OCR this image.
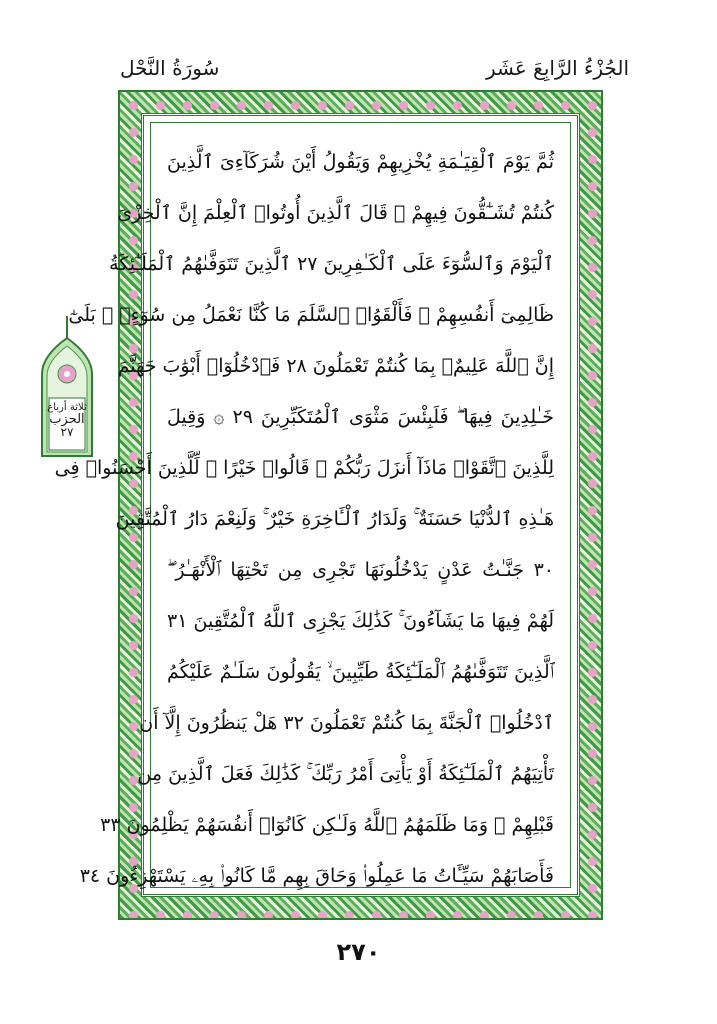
الجُزْءُ الرَّابِعَ عَشَر
سُورَةُ النَّحْل
ثلاثة أرباع
الحزب
٢٧
ثُمَّ يَوْمَ ٱلْقِيَـٰمَةِ يُخْزِيهِمْ وَيَقُولُ أَيْنَ شُرَكَآءِىَ ٱلَّذِينَ
كُنتُمْ تُشَـٰٓقُّونَ فِيهِمْ ۚ قَالَ ٱلَّذِينَ أُوتُوا۟ ٱلْعِلْمَ إِنَّ ٱلْخِزْىَ
ٱلْيَوْمَ وَٱلسُّوٓءَ عَلَى ٱلْكَـٰفِرِينَ ٢٧ ٱلَّذِينَ تَتَوَفَّىٰهُمُ ٱلْمَلَـٰٓئِكَةُ
ظَالِمِىٓ أَنفُسِهِمْ ۖ فَأَلْقَوُا۟ ٱلسَّلَمَ مَا كُنَّا نَعْمَلُ مِن سُوٓءٍۭ ۚ بَلَىٰٓ
إِنَّ ٱللَّهَ عَلِيمٌۢ بِمَا كُنتُمْ تَعْمَلُونَ ٢٨ فَٱدْخُلُوٓا۟ أَبْوَٰبَ جَهَنَّمَ
خَـٰلِدِينَ فِيهَا ۖ فَلَبِئْسَ مَثْوَى ٱلْمُتَكَبِّرِينَ ٢٩ ۞ وَقِيلَ
لِلَّذِينَ ٱتَّقَوْا۟ مَاذَآ أَنزَلَ رَبُّكُمْ ۚ قَالُوا۟ خَيْرًا ۗ لِّلَّذِينَ أَحْسَنُوا۟ فِى
هَـٰذِهِ ٱلدُّنْيَا حَسَنَةٌ ۚ وَلَدَارُ ٱلْـَٔاخِرَةِ خَيْرٌ ۚ وَلَنِعْمَ دَارُ ٱلْمُتَّقِينَ
٣٠ جَنَّـٰتُ عَدْنٍ يَدْخُلُونَهَا تَجْرِى مِن تَحْتِهَا ٱلْأَنْهَـٰرُ ۖ
لَهُمْ فِيهَا مَا يَشَآءُونَ ۚ كَذَٰلِكَ يَجْزِى ٱللَّهُ ٱلْمُتَّقِينَ ٣١
ٱلَّذِينَ تَتَوَفَّىٰهُمُ ٱلْمَلَـٰٓئِكَةُ طَيِّبِينَ ۙ يَقُولُونَ سَلَـٰمٌ عَلَيْكُمُ
ٱدْخُلُوا۟ ٱلْجَنَّةَ بِمَا كُنتُمْ تَعْمَلُونَ ٣٢ هَلْ يَنظُرُونَ إِلَّآ أَن
تَأْتِيَهُمُ ٱلْمَلَـٰٓئِكَةُ أَوْ يَأْتِىَ أَمْرُ رَبِّكَ ۚ كَذَٰلِكَ فَعَلَ ٱلَّذِينَ مِن
قَبْلِهِمْ ۚ وَمَا ظَلَمَهُمُ ٱللَّهُ وَلَـٰكِن كَانُوٓا۟ أَنفُسَهُمْ يَظْلِمُونَ ٣٣
فَأَصَابَهُمْ سَيِّـَٔاتُ مَا عَمِلُوا۟ وَحَاقَ بِهِم مَّا كَانُوا۟ بِهِۦ يَسْتَهْزِءُونَ ٣٤
٢٧٠
